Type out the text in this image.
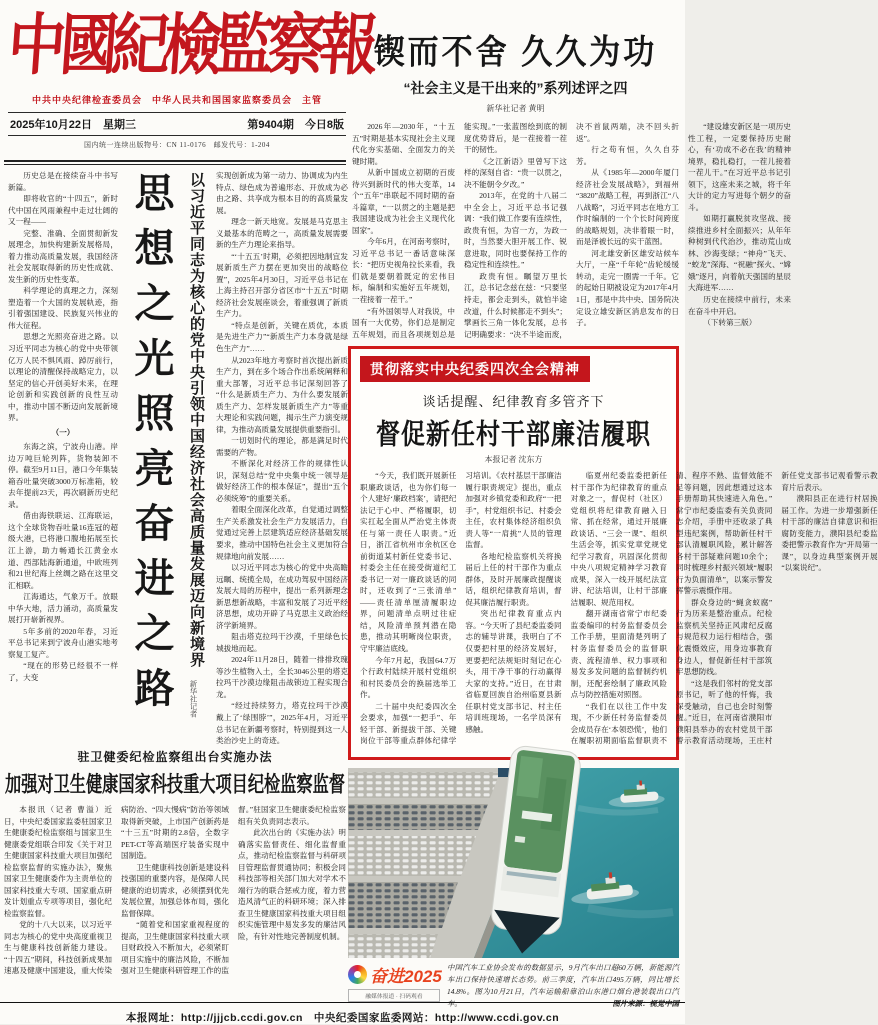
中國紀檢監察報
中共中央纪律检查委员会　中华人民共和国国家监察委员会　主管
2025年10月22日　星期三	第9404期　今日8版
国内统一连续出版物号：CN 11-0176　邮发代号：1-204
锲而不舍 久久为功
“社会主义是干出来的”系列述评之四
新华社记者 黄明

2026年—2030年，“十五五”时期是基本实现社会主义现代化夯实基础、全面发力的关键时期。

从新中国成立初期的百废待兴到新时代的伟大变革，14个“五年”串联起不同时期的奋斗篇章，“一以贯之的主题是把我国建设成为社会主义现代化国家”。

今年6月，在河南考察时，习近平总书记一番话意味深长：“把历史视角拉长来看，我们就是要朝着既定的宏伟目标，编制和实施好五年规划，一茬接着一茬干。”

“有外国领导人对我说，中国有一大优势，你们总是制定五年规划，而且各项规划总是能实现。”一张蓝图绘到底的制度优势背后，是一茬接着一茬干的韧性。

《之江新语》里曾写下这样的深刻自省：“贵一以贯之，决不能朝令夕改。”

2013年，在党的十八届二中全会上，习近平总书记强调：“我们做工作要有连续性，政贵有恒，为官一方，为政一时，当然要大胆开展工作、锐意进取，同时也要保持工作的稳定性和连续性。”

政贵有恒。瞩望万里长江，总书记念兹在兹：“只要坚持走，都会走到头，就怕半途改道，什么时候都走不到头”；擘画长三角一体化发展，总书记明确要求：“决不半途而废，决不首鼠两端，决不回头折返”。

行之苟有恒，久久自芬芳。

从《1985年—2000年厦门经济社会发展战略》，到福州“3820”战略工程，再到浙江“八八战略”，习近平同志在地方工作时编制的一个个长时间跨度的战略规划，决非着眼一时，而是泽被长远的实干蓝图。

河北雄安新区雄安站候车大厅，一座“千年轮”齿轮缓缓转动，走完一圈需一千年。它的起始日期被设定为2017年4月1日，那是中共中央、国务院决定设立雄安新区消息发布的日子。

“建设雄安新区是一项历史性工程，一定要保持历史耐心，有‘功成不必在我’的精神境界，稳扎稳打，一茬儿接着一茬儿干。”在习近平总书记引领下，这座未来之城，将千年大计的定力写进每个朝夕的奋斗。

如期打赢脱贫攻坚战、接续推进乡村全面振兴；从年年种树到代代治沙，推动荒山成林、沙海变绿；“神舟”飞天、“蛟龙”深海、“祝融”探火、“嫦娥”逐月，向着航天强国的星辰大海进军……

历史在接续中前行，未来在奋斗中开启。

（下转第三版）

历史总是在接续奋斗中书写新篇。

即将收官的“十四五”，新时代中国在风雨兼程中走过壮阔的又一程——

完整、准确、全面贯彻新发展理念，加快构建新发展格局，着力推动高质量发展，我国经济社会发展取得新的历史性成就、发生新的历史性变革。

科学理论的真理之力，深刻塑造着一个大国的发展轨迹，指引着强国建设、民族复兴伟业的伟大征程。

思想之光照亮奋进之路。以习近平同志为核心的党中央带领亿万人民不惧风雨、踔厉前行，以理论的清醒保持战略定力，以坚定的信心开创美好未来，在理论创新和实践创新的良性互动中，推动中国不断迈向发展新境界。

（一）

东海之滨，宁波舟山港。岸边万吨巨轮列阵，货物装卸不停。截至9月11日，港口今年集装箱吞吐量突破3000万标准箱，较去年提前23天，再次刷新历史纪录。

借由海铁联运、江海联运，这个全球货物吞吐量16连冠的超级大港，已将港口腹地拓展至长江上游，助力畅通长江黄金水道、西部陆海新通道，中欧班列和21世纪海上丝绸之路在这里交汇相联。

江海通达，气象万千。放眼中华大地，活力涌动，高质量发展打开崭新视界。

5年多前的2020年春，习近平总书记来到宁波舟山港实地考察复工复产。

“现在的形势已经很不一样了，大变	思想之光照亮奋进之路 以习近平同志为核心的党中央引领中国经济社会高质量发展迈向新境界
新华社记者

实现创新成为第一动力、协调成为内生特点、绿色成为普遍形态、开放成为必由之路、共享成为根本目的的高质量发展。

理念一新天地宽。发展是马克思主义最基本的范畴之一，高质量发展需要新的生产力理论来指导。

“‘十五五’时期，必须把因地制宜发展新质生产力摆在更加突出的战略位置”，2025年4月30日，习近平总书记在上海主持召开部分省区市“十五五”时期经济社会发展座谈会，着重强调了新质生产力。

“特点是创新，关键在质优，本质是先进生产力”“新质生产力本身就是绿色生产力”……

从2023年地方考察时首次提出新质生产力，到在多个场合作出系统阐释和重大部署，习近平总书记深刻回答了“什么是新质生产力、为什么要发展新质生产力、怎样发展新质生产力”等重大理论和实践问题，揭示生产力演变规律，为推动高质量发展提供重要指引。

一切划时代的理论，都是满足时代需要的产物。

不断深化对经济工作的规律性认识，深刻总结“党中央集中统一领导是做好经济工作的根本保证”，提出“五个必须统筹”的重要关系。

着眼全面深化改革，自觉通过调整生产关系激发社会生产力发展活力，自觉通过完善上层建筑适应经济基础发展要求，推动中国特色社会主义更加符合规律地向前发展……

以习近平同志为核心的党中央高瞻远瞩、统揽全局，在成功驾驭中国经济发展大局的历程中，提出一系列新理念新思想新战略，丰富和发展了习近平经济思想，成功开辟了马克思主义政治经济学新境界。

阻击塔克拉玛干沙漠，千里绿色长城拔地而起。

2024年11月28日，随着一排排玫瑰等沙生植物入土，全长3046公里的塔克拉玛干沙漠边缘阻击战锁边工程实现合龙。

“经过持续努力，塔克拉玛干沙漠戴上了‘绿围脖’”，2025年4月，习近平总书记在新疆考察时，特别提到这一人类治沙史上的奇迹。

贯彻落实中央纪委四次全会精神
谈话提醒、纪律教育多管齐下
督促新任村干部廉洁履职
本报记者 沈东方

“今天，我们既开展新任职廉政谈话，也为你们每一个人建好‘廉政档案’，请把纪法记于心中、严格履职，切实扛起全面从严治党主体责任与第一责任人职责。”近日，浙江省杭州市余杭区仓前街道某村新任党委书记、村委会主任在接受街道纪工委书记一对一廉政谈话的同时，还收到了“三张清单”——责任清单厘清履职边界，问题清单点明过往症结，风险清单预判潜在隐患，推动其明晰岗位职责，守牢廉洁底线。

今年7月起，我国64.7万个行政村陆续开展村党组织和村民委员会的换届选举工作。

二十届中央纪委四次全会要求，加强“一把手”、年轻干部、新提拔干部、关键岗位干部等重点群体纪律学习培训。《农村基层干部廉洁履行职责规定》提出，重点加强对乡镇党委和政府“一把手”，村党组织书记、村委会主任，农村集体经济组织负责人等“一肩挑”人员的管理监督。

各地纪检监察机关将换届后上任的村干部作为重点群体，及时开展廉政提醒谈话，组织纪律教育培训，督促其廉洁履行职责。

突出纪律教育重点内容。“今天听了县纪委监委同志的辅导讲课，我明白了不仅要把村里的经济发展好，更要把纪法规矩时刻记在心头，用干净干事的行动赢得大家的支持。”近日，在甘肃省临夏回族自治州临夏县新任职村党支部书记、村主任培训班现场，一名学员深有感触。

临夏州纪委监委把新任村干部作为纪律教育的重点对象之一，督促村（社区）党组织将纪律教育融入日常、抓在经常，通过开展廉政谈话、“三会一课”、组织生活会等，抓实党章党规党纪学习教育，巩固深化贯彻中央八项规定精神学习教育成果，深入一线开展纪法宣讲、纪法培训，让村干部廉洁履职、规范用权。

翻开湖南省常宁市纪委监委编印的村务监督委员会工作手册，里面清楚列明了村务监督委员会的监督职责、流程清单、权力事项和易发多发问题的监督制约机制，还配套绘制了廉政风险点与防控措施对照图。

“我们在以往工作中发现，不少新任村务监督委员会成员存在‘本领恐慌’，他们在履职初期面临监督职责不清、程序不熟、监督效能不足等问题，因此想通过这本手册帮助其快速进入角色。”常宁市纪委监委有关负责同志介绍，手册中还收录了典型违纪案例，帮助新任村干部认清履职风险，累计解答各村干部疑难问题10余个；同时梳理乡村振兴领域“履职行为负面清单”，以案示警发挥警示震慑作用。

群众身边的“蝇贪蚁腐”行为历来是整治重点。纪检监察机关坚持正风肃纪反腐与规范权力运行相结合，强化震慑效应，用身边事教育身边人，督促新任村干部筑牢思想防线。

“这是我们邻村的党支部原书记，听了他的忏悔，我深受触动，自己也会时刻警醒。”近日，在河南省濮阳市濮阳县举办的农村党员干部警示教育活动现场，王庄村新任党支部书记观看警示教育片后表示。

濮阳县正在进行村居换届工作。为进一步增强新任村干部的廉洁自律意识和拒腐防变能力，濮阳县纪委监委把警示教育作为“开局第一课”，以身边典型案例开展“以案说纪”。

驻卫健委纪检监察组出台实施办法
加强对卫生健康国家科技重大项目纪检监察监督

本报讯（记者 曹溢）近日，中央纪委国家监委驻国家卫生健康委纪检监察组与国家卫生健康委党组联合印发《关于对卫生健康国家科技重大项目加强纪检监察监督的实施办法》，聚焦国家卫生健康委作为主责单位的国家科技重大专项、国家重点研发计划重点专项等项目，强化纪检监察监督。

党的十八大以来，以习近平同志为核心的党中央高度重视卫生与健康科技创新能力建设。“十四五”期间，科技创新成果加速惠及健康中国建设，重大传染病防治、“四大慢病”防治等领域取得新突破，上市国产创新药是“十三五”时期的2.8倍，全数字PET-CT等高端医疗装备实现中国制造。

卫生健康科技创新是建设科技强国的重要内容，是保障人民健康的迫切需求，必须摆到优先发展位置，加强总体布局，强化监督保障。

“随着党和国家重视程度的提高，卫生健康国家科技重大项目财政投入不断加大，必须紧盯项目实施中的廉洁风险，不断加强对卫生健康科研管理工作的监督。”驻国家卫生健康委纪检监察组有关负责同志表示。

此次出台的《实施办法》明确落实监督责任、细化监督重点，推动纪检监察监督与科研项目管理监督贯通协同；积极会同科技部等相关部门加大对学术不端行为的联合惩戒力度，着力营造风清气正的科研环境；深入排查卫生健康国家科技重大项目组织实施管理中易发多发的廉洁风险，有针对性地完善制度机制。

奋进2025
融媒体报道 · 扫码观看
中国汽车工业协会发布的数据显示，9月汽车出口超60万辆，新能源汽车出口保持快速增长态势。前三季度，汽车出口495万辆，同比增长14.8%。图为10月21日，汽车运输船靠泊山东港口烟台港装载出口汽车。	图片来源：视觉中国
本报网址：http://jjjcb.ccdi.gov.cn　中央纪委国家监委网站：http://www.ccdi.gov.cn
